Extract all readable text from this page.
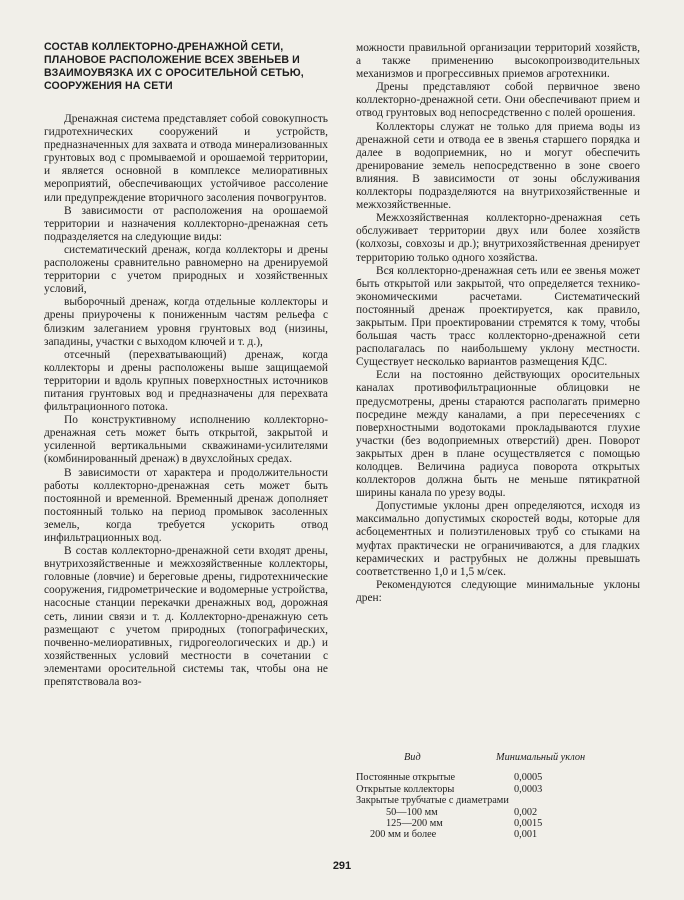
СОСТАВ КОЛЛЕКТОРНО-ДРЕНАЖНОЙ СЕТИ, ПЛАНОВОЕ РАСПОЛОЖЕНИЕ ВСЕХ ЗВЕНЬЕВ И ВЗАИМОУВЯЗКА ИХ С ОРОСИТЕЛЬНОЙ СЕТЬЮ, СООРУЖЕНИЯ НА СЕТИ

Дренажная система представляет собой совокупность гидротехнических сооружений и устройств, предназначенных для захвата и отвода минерализованных грунтовых вод с промываемой и орошаемой территории, и является основной в комплексе мелиоративных мероприятий, обеспечивающих устойчивое рассоление или предупреждение вторичного засоления почвогрунтов.

В зависимости от расположения на орошаемой территории и назначения коллекторно-дренажная сеть подразделяется на следующие виды:

систематический дренаж, когда коллекторы и дрены расположены сравнительно равномерно на дренируемой территории с учетом природных и хозяйственных условий,

выборочный дренаж, когда отдельные коллекторы и дрены приурочены к пониженным частям рельефа с близким залеганием уровня грунтовых вод (низины, западины, участки с выходом ключей и т. д.),

отсечный (перехватывающий) дренаж, когда коллекторы и дрены расположены выше защищаемой территории и вдоль крупных поверхностных источников питания грунтовых вод и предназначены для перехвата фильтрационного потока.

По конструктивному исполнению коллекторно-дренажная сеть может быть открытой, закрытой и усиленной вертикальными скважинами-усилителями (комбинированный дренаж) в двухслойных средах.

В зависимости от характера и продолжительности работы коллекторно-дренажная сеть может быть постоянной и временной. Временный дренаж дополняет постоянный только на период промывок засоленных земель, когда требуется ускорить отвод инфильтрационных вод.

В состав коллекторно-дренажной сети входят дрены, внутрихозяйственные и межхозяйственные коллекторы, головные (ловчие) и береговые дрены, гидротехнические сооружения, гидрометрические и водомерные устройства, насосные станции перекачки дренажных вод, дорожная сеть, линии связи и т. д. Коллекторно-дренажную сеть размещают с учетом природных (топографических, почвенно-мелиоративных, гидрогеологических и др.) и хозяйственных условий местности в сочетании с элементами оросительной системы так, чтобы она не препятствовала воз-

можности правильной организации территорий хозяйств, а также применению высокопроизводительных механизмов и прогрессивных приемов агротехники.

Дрены представляют собой первичное звено коллекторно-дренажной сети. Они обеспечивают прием и отвод грунтовых вод непосредственно с полей орошения.

Коллекторы служат не только для приема воды из дренажной сети и отвода ее в звенья старшего порядка и далее в водоприемник, но и могут обеспечить дренирование земель непосредственно в зоне своего влияния. В зависимости от зоны обслуживания коллекторы подразделяются на внутрихозяйственные и межхозяйственные.

Межхозяйственная коллекторно-дренажная сеть обслуживает территории двух или более хозяйств (колхозы, совхозы и др.); внутрихозяйственная дренирует территорию только одного хозяйства.

Вся коллекторно-дренажная сеть или ее звенья может быть открытой или закрытой, что определяется технико-экономическими расчетами. Систематический постоянный дренаж проектируется, как правило, закрытым. При проектировании стремятся к тому, чтобы большая часть трасс коллекторно-дренажной сети располагалась по наибольшему уклону местности. Существует несколько вариантов размещения КДС.

Если на постоянно действующих оросительных каналах противофильтрационные облицовки не предусмотрены, дрены стараются располагать примерно посредине между каналами, а при пересечениях с поверхностными водотоками прокладываются глухие участки (без водоприемных отверстий) дрен. Поворот закрытых дрен в плане осуществляется с помощью колодцев. Величина радиуса поворота открытых коллекторов должна быть не меньше пятикратной ширины канала по урезу воды.

Допустимые уклоны дрен определяются, исходя из максимально допустимых скоростей воды, которые для асбоцементных и полиэтиленовых труб со стыками на муфтах практически не ограничиваются, а для гладких керамических и раструбных не должны превышать соответственно 1,0 и 1,5 м/сек.

Рекомендуются следующие минимальные уклоны дрен:

Вид	Минимальный уклон
Постоянные открытые	0,0005
Открытые коллекторы	0,0003
Закрытые трубчатые с диаметрами
50—100 мм	0,002
125—200 мм	0,0015
200 мм и более	0,001
291
